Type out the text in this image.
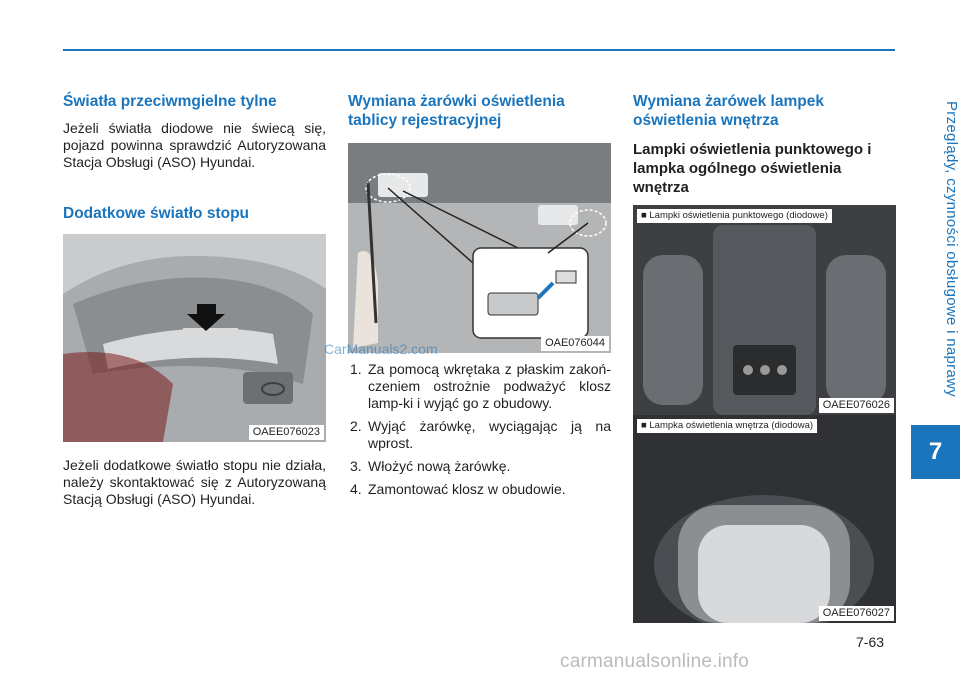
Przeglądy, czynności obsługowe i naprawy
7
Światła przeciwmgielne tylne

Jeżeli światła diodowe nie świecą się, pojazd powinna sprawdzić Autoryzowana Stacja Obsługi (ASO) Hyundai.

Dodatkowe światło stopu
OAEE076023

Jeżeli dodatkowe światło stopu nie działa, należy skontaktować się z Autoryzowaną Stacją Obsługi (ASO) Hyundai.

Wymiana żarówki oświetlenia tablicy rejestracyjnej
OAE076044
1. Za pomocą wkrętaka z płaskim zakoń-czeniem ostrożnie podważyć klosz lamp-ki i wyjąć go z obudowy.
2. Wyjąć żarówkę, wyciągając ją na wprost.
3. Włożyć nową żarówkę.
4. Zamontować klosz w obudowie.
Wymiana żarówek lampek oświetlenia wnętrza
Lampki oświetlenia punktowego i lampka ogólnego oświetlenia wnętrza
■ Lampki oświetlenia punktowego (diodowe)
OAEE076026
■ Lampka oświetlenia wnętrza (diodowa)
OAEE076027
7-63
CarManuals2.com
carmanualsonline.info
